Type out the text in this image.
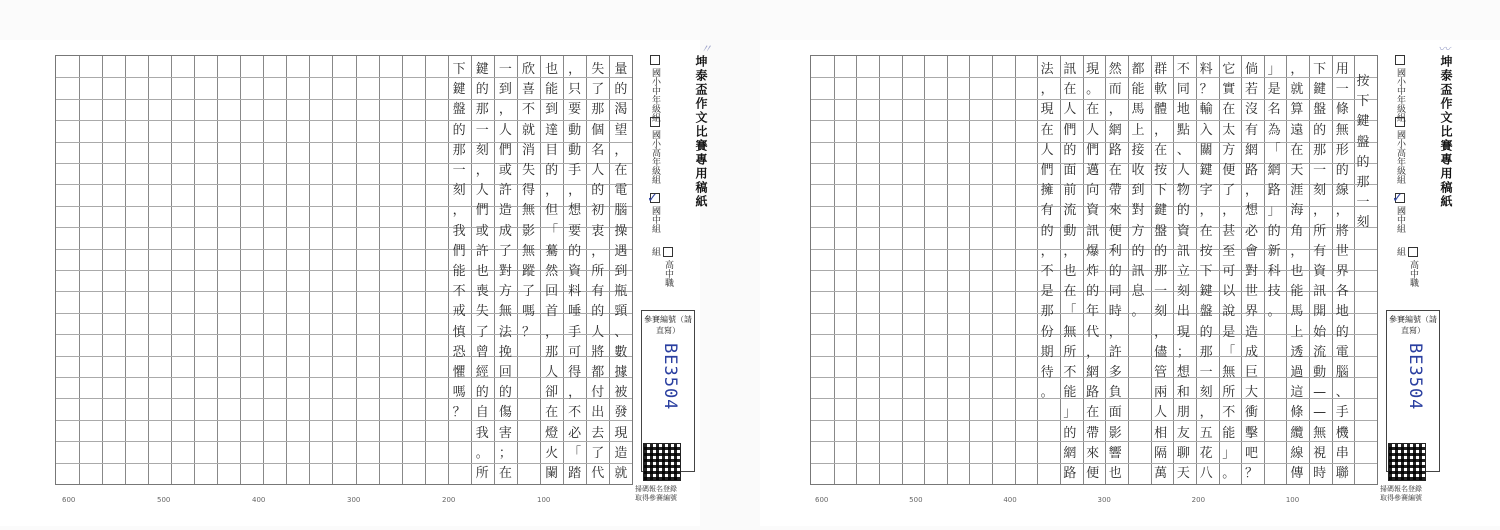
量
的
渴
望
，
在
電
腦
操
遇
到
瓶
頸
、
數
據
被
發
現
造
就
失
了
那
個
名
人
的
初
衷
，
所
有
的
人
將
都
付
出
去
了
代
，
只
要
動
動
手
，
想
要
的
資
料
唾
手
可
得
，
不
必
「
踏
也
能
到
達
目
的
，
但
「
驀
然
回
首
，
那
人
卻
在
燈
火
闌
欣
喜
不
就
消
失
得
無
影
無
蹤
了
嗎
？
一
到
，
人
們
或
許
造
成
了
對
方
無
法
挽
回
的
傷
害
；
在
鍵
的
那
一
刻
，
人
們
或
許
也
喪
失
了
曾
經
的
自
我
。
所
下
鍵
盤
的
那
一
刻
，
我
們
能
不
戒
慎
恐
懼
嗎
？
用
一
條
無
形
的
線
，
將
世
界
各
地
的
電
腦
、
手
機
串
聯
下
鍵
盤
的
那
一
刻
，
所
有
資
訊
開
始
流
動
—
—
無
視
時
，
就
算
遠
在
天
涯
海
角
，
也
能
馬
上
透
過
這
條
纜
線
傳
」
是
名
為
「
網
路
」
的
新
科
技
。
倘
若
沒
有
網
路
，
想
必
會
對
世
界
造
成
巨
大
衝
擊
吧
？
它
實
在
太
方
便
了
，
甚
至
可
以
說
是
「
無
所
不
能
」
。
料
？
輸
入
關
鍵
字
，
在
按
下
鍵
盤
的
那
一
刻
，
五
花
八
不
同
地
點
、
人
物
的
資
訊
立
刻
出
現
；
想
和
朋
友
聊
天
群
軟
體
，
在
按
下
鍵
盤
的
那
一
刻
，
儘
管
兩
人
相
隔
萬
都
能
馬
上
接
收
到
對
方
的
訊
息
。
然
而
，
網
路
在
帶
來
便
利
的
同
時
，
許
多
負
面
影
響
也
現
。
在
人
們
邁
向
資
訊
爆
炸
的
年
代
，
網
路
在
帶
來
便
訊
在
人
們
的
面
前
流
動
，
也
在
「
無
所
不
能
」
的
網
路
法
，
現
在
人
們
擁
有
的
，
不
是
那
份
期
待
。
600	500	400	300	200	100	600	500	400	300	200	100
坤泰盃作文比賽專用稿紙
國小中年級組
國小高年級組
✓
國中組
高中職組
參賽編號（請直寫）
BE3504
掃碼報名登錄
取得參賽編號
坤泰盃作文比賽專用稿紙
國小中年級組
國小高年級組
✓
國中組
高中職組
參賽編號（請直寫）
BE3504
掃碼報名登錄
取得參賽編號
按
下
鍵
盤
的
那
一
刻
〃	〰
